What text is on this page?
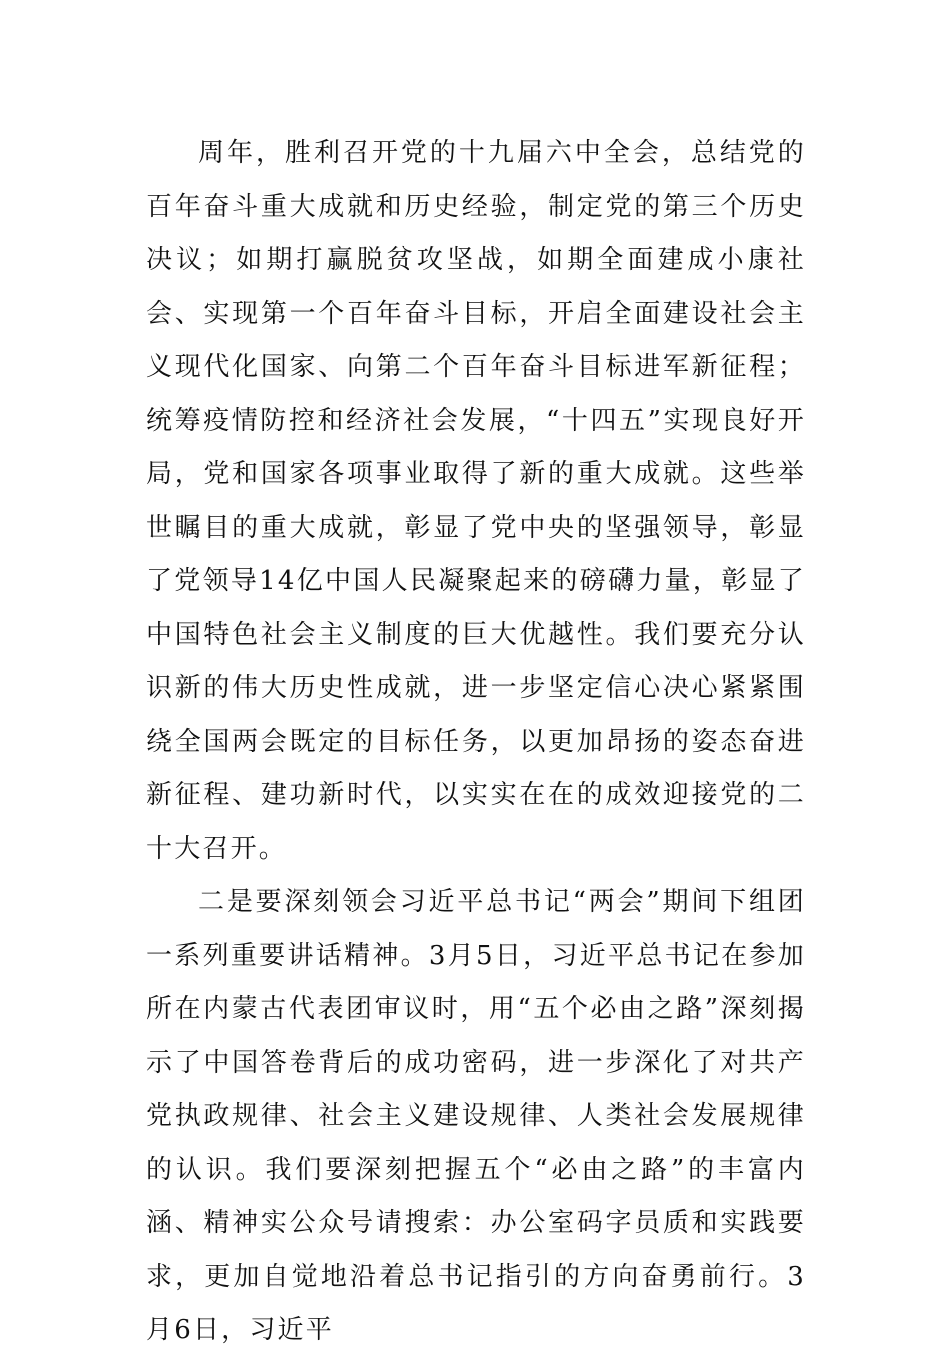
周年，胜利召开党的十九届六中全会，总结党的百年奋斗重大成就和历史经验，制定党的第三个历史决议；如期打赢脱贫攻坚战，如期全面建成小康社会、实现第一个百年奋斗目标，开启全面建设社会主义现代化国家、向第二个百年奋斗目标进军新征程；统筹疫情防控和经济社会发展，“十四五”实现良好开局，党和国家各项事业取得了新的重大成就。这些举世瞩目的重大成就，彰显了党中央的坚强领导，彰显了党领导14亿中国人民凝聚起来的磅礴力量，彰显了中国特色社会主义制度的巨大优越性。我们要充分认识新的伟大历史性成就，进一步坚定信心决心紧紧围绕全国两会既定的目标任务，以更加昂扬的姿态奋进新征程、建功新时代，以实实在在的成效迎接党的二十大召开。

二是要深刻领会习近平总书记“两会”期间下组团一系列重要讲话精神。3月5日，习近平总书记在参加所在内蒙古代表团审议时，用“五个必由之路”深刻揭示了中国答卷背后的成功密码，进一步深化了对共产党执政规律、社会主义建设规律、人类社会发展规律的认识。我们要深刻把握五个“必由之路”的丰富内涵、精神实公众号请搜索：办公室码字员质和实践要求，更加自觉地沿着总书记指引的方向奋勇前行。3月6日，习近平
